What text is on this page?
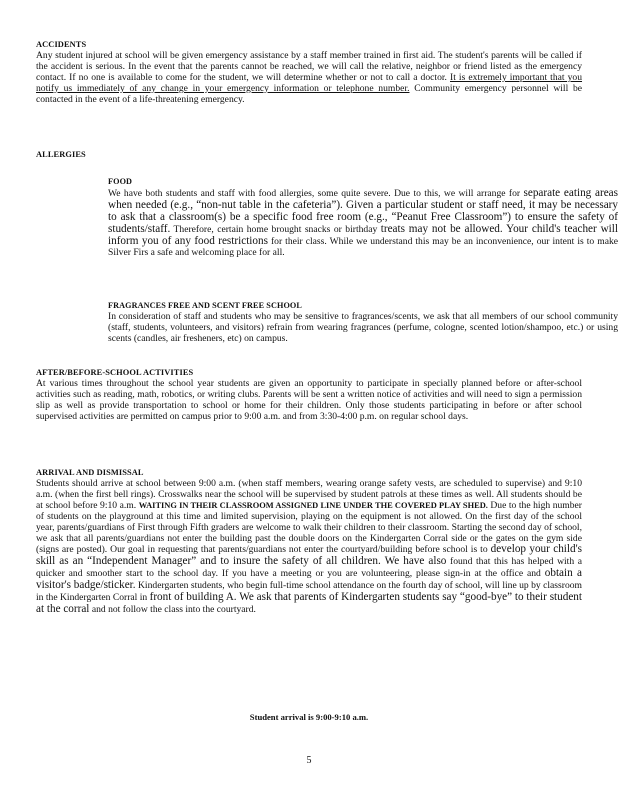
ACCIDENTS

Any student injured at school will be given emergency assistance by a staff member trained in first aid. The student's parents will be called if the accident is serious. In the event that the parents cannot be reached, we will call the relative, neighbor or friend listed as the emergency contact. If no one is available to come for the student, we will determine whether or not to call a doctor. It is extremely important that you notify us immediately of any change in your emergency information or telephone number. Community emergency personnel will be contacted in the event of a life-threatening emergency.

ALLERGIES
FOOD

We have both students and staff with food allergies, some quite severe. Due to this, we will arrange for separate eating areas when needed (e.g., “non-nut table in the cafeteria”). Given a particular student or staff need, it may be necessary to ask that a classroom(s) be a specific food free room (e.g., “Peanut Free Classroom”) to ensure the safety of students/staff. Therefore, certain home brought snacks or birthday treats may not be allowed. Your child's teacher will inform you of any food restrictions for their class. While we understand this may be an inconvenience, our intent is to make Silver Firs a safe and welcoming place for all.

FRAGRANCES FREE AND SCENT FREE SCHOOL

In consideration of staff and students who may be sensitive to fragrances/scents, we ask that all members of our school community (staff, students, volunteers, and visitors) refrain from wearing fragrances (perfume, cologne, scented lotion/shampoo, etc.) or using scents (candles, air fresheners, etc) on campus.

AFTER/BEFORE-SCHOOL ACTIVITIES

At various times throughout the school year students are given an opportunity to participate in specially planned before or after-school activities such as reading, math, robotics, or writing clubs. Parents will be sent a written notice of activities and will need to sign a permission slip as well as provide transportation to school or home for their children. Only those students participating in before or after school supervised activities are permitted on campus prior to 9:00 a.m. and from 3:30-4:00 p.m. on regular school days.

ARRIVAL AND DISMISSAL

Students should arrive at school between 9:00 a.m. (when staff members, wearing orange safety vests, are scheduled to supervise) and 9:10 a.m. (when the first bell rings). Crosswalks near the school will be supervised by student patrols at these times as well. All students should be at school before 9:10 a.m. WAITING IN THEIR CLASSROOM ASSIGNED LINE UNDER THE COVERED PLAY SHED. Due to the high number of students on the playground at this time and limited supervision, playing on the equipment is not allowed. On the first day of the school year, parents/guardians of First through Fifth graders are welcome to walk their children to their classroom. Starting the second day of school, we ask that all parents/guardians not enter the building past the double doors on the Kindergarten Corral side or the gates on the gym side (signs are posted). Our goal in requesting that parents/guardians not enter the courtyard/building before school is to develop your child's skill as an “Independent Manager” and to insure the safety of all children. We have also found that this has helped with a quicker and smoother start to the school day. If you have a meeting or you are volunteering, please sign-in at the office and obtain a visitor's badge/sticker. Kindergarten students, who begin full-time school attendance on the fourth day of school, will line up by classroom in the Kindergarten Corral in front of building A. We ask that parents of Kindergarten students say “good-bye” to their student at the corral and not follow the class into the courtyard.

Student arrival is 9:00-9:10 a.m.
5
